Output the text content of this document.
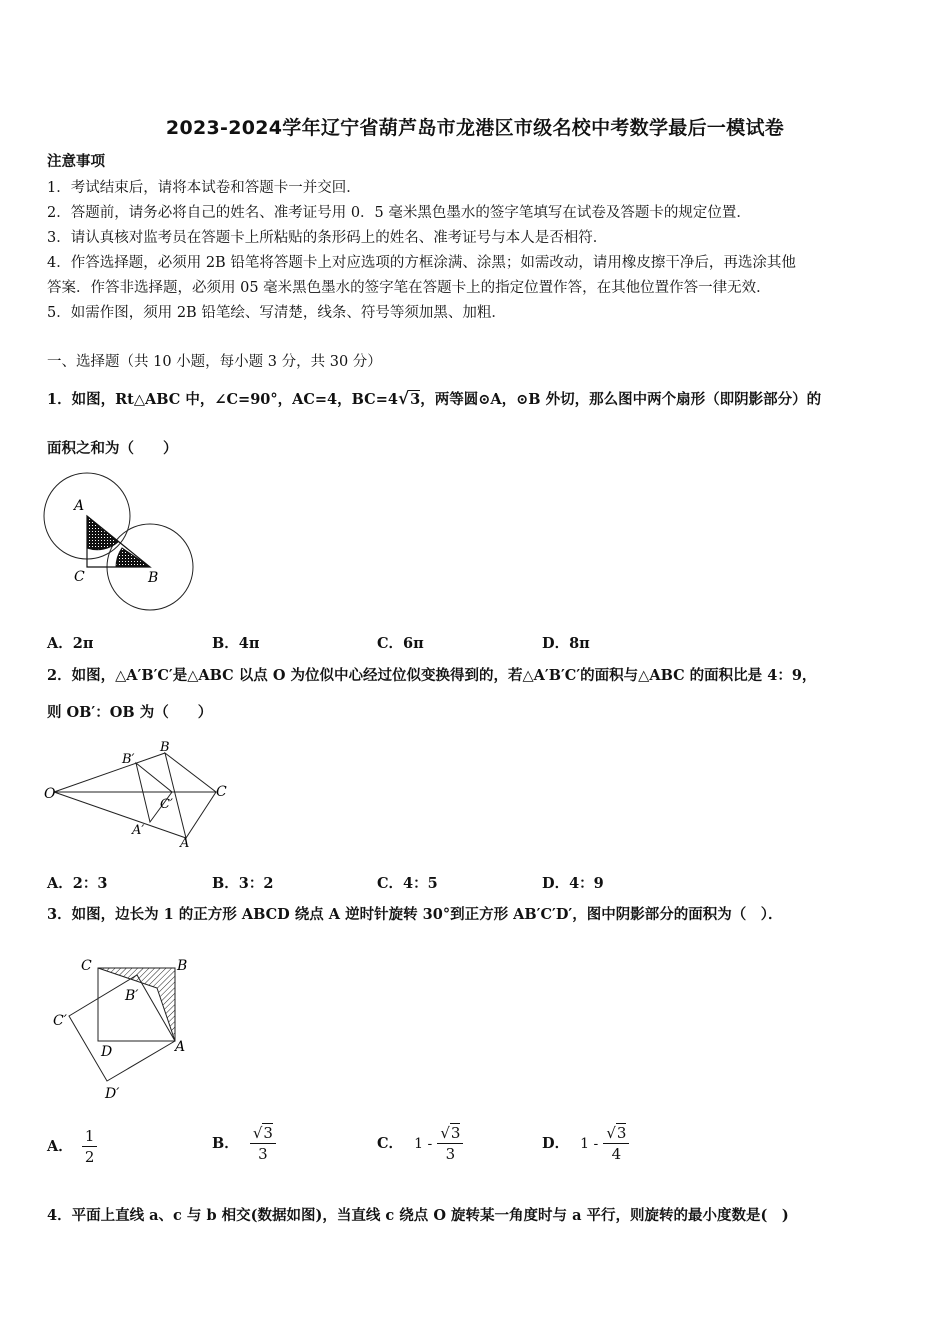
2023-2024学年辽宁省葫芦岛市龙港区市级名校中考数学最后一模试卷
注意事项
1．考试结束后，请将本试卷和答题卡一并交回．
2．答题前，请务必将自己的姓名、准考证号用 0．5 毫米黑色墨水的签字笔填写在试卷及答题卡的规定位置．
3．请认真核对监考员在答题卡上所粘贴的条形码上的姓名、准考证号与本人是否相符．
4．作答选择题，必须用 2B 铅笔将答题卡上对应选项的方框涂满、涂黑；如需改动，请用橡皮擦干净后，再选涂其他
答案．作答非选择题，必须用 05 毫米黑色墨水的签字笔在答题卡上的指定位置作答，在其他位置作答一律无效．
5．如需作图，须用 2B 铅笔绘、写清楚，线条、符号等须加黑、加粗．
一、选择题（共 10 小题，每小题 3 分，共 30 分）
1．如图，Rt△ABC 中，∠C=90°，AC=4，BC=4√3，两等圆⊙A，⊙B 外切，那么图中两个扇形（即阴影部分）的
面积之和为（　　）
A
C	B
A．2π	B．4π	C．6π	D．8π
2．如图，△A′B′C′是△ABC 以点 O 为位似中心经过位似变换得到的，若△A′B′C′的面积与△ABC 的面积比是 4：9，
则 OB′：OB 为（　　）
O
B
B′
C
C′
A′
A
A．2：3	B．3：2	C．4：5	D．4：9
3．如图，边长为 1 的正方形 ABCD 绕点 A 逆时针旋转 30°到正方形 AB′C′D′，图中阴影部分的面积为（　）．
C	B
B′
C′
D	A
D′
A． $\frac{1}{2}$	B． $\frac{√3}{3}$	C． $1 - \frac{√3}{3}$	D． $1 - \frac{√3}{4}$
4．平面上直线 a、c 与 b 相交(数据如图)，当直线 c 绕点 O 旋转某一角度时与 a 平行，则旋转的最小度数是(　)
